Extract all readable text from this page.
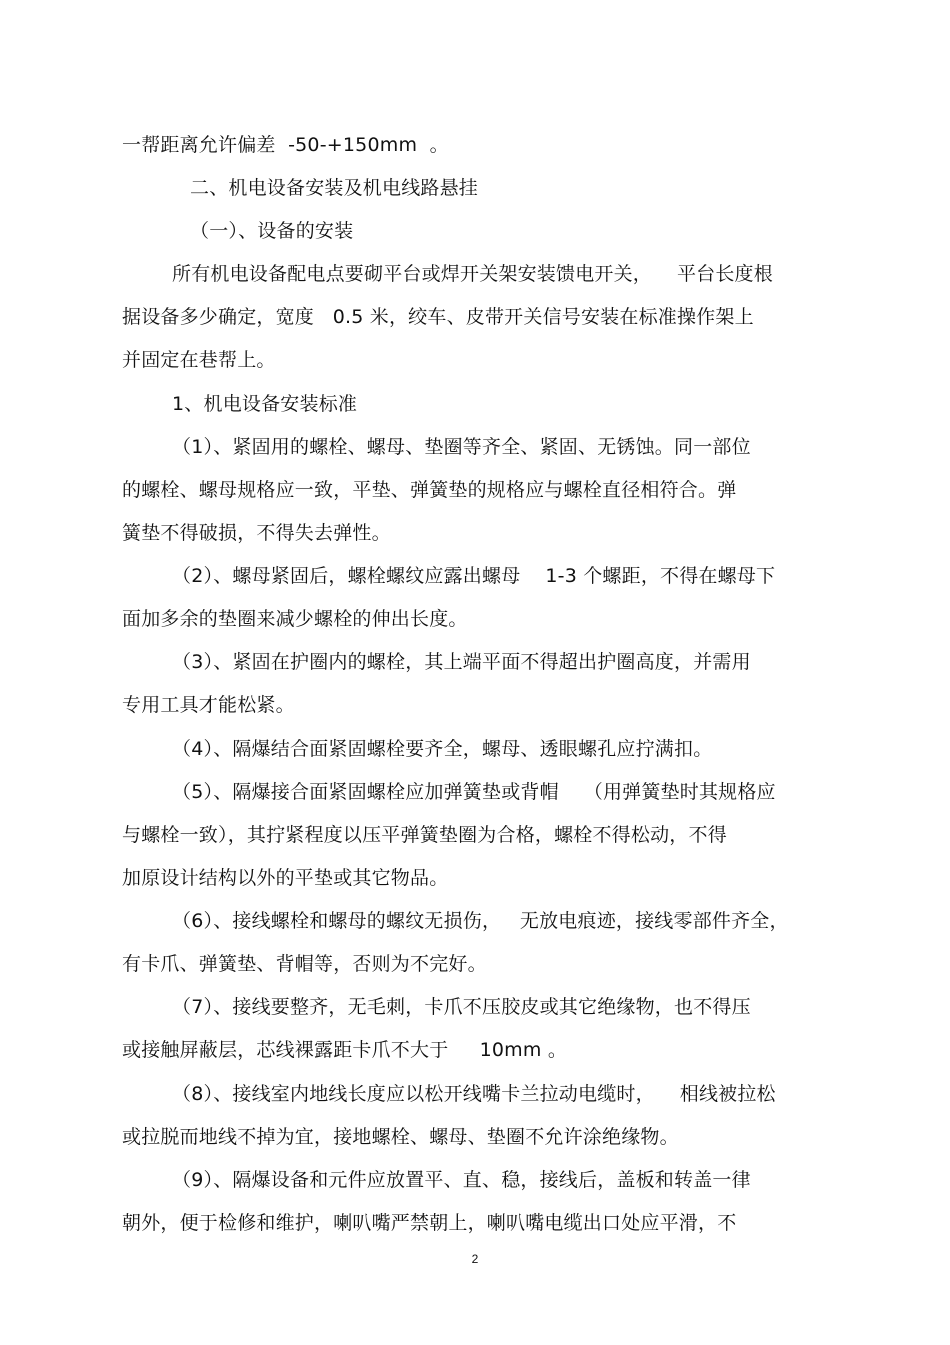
一帮距离允许偏差  -50-+150mm  。
二、机电设备安装及机电线路悬挂
（一）、设备的安装
所有机电设备配电点要砌平台或焊开关架安装馈电开关，    平台长度根
据设备多少确定，宽度   0.5 米，绞车、皮带开关信号安装在标准操作架上
并固定在巷帮上。
1、机电设备安装标准
（1）、紧固用的螺栓、螺母、垫圈等齐全、紧固、无锈蚀。同一部位
的螺栓、螺母规格应一致，平垫、弹簧垫的规格应与螺栓直径相符合。弹
簧垫不得破损，不得失去弹性。
（2）、螺母紧固后，螺栓螺纹应露出螺母    1-3 个螺距，不得在螺母下
面加多余的垫圈来减少螺栓的伸出长度。
（3）、紧固在护圈内的螺栓，其上端平面不得超出护圈高度，并需用
专用工具才能松紧。
（4）、隔爆结合面紧固螺栓要齐全，螺母、透眼螺孔应拧满扣。
（5）、隔爆接合面紧固螺栓应加弹簧垫或背帽    （用弹簧垫时其规格应
与螺栓一致），其拧紧程度以压平弹簧垫圈为合格，螺栓不得松动，不得
加原设计结构以外的平垫或其它物品。
（6）、接线螺栓和螺母的螺纹无损伤，   无放电痕迹，接线零部件齐全，
有卡爪、弹簧垫、背帽等，否则为不完好。
（7）、接线要整齐，无毛刺，卡爪不压胶皮或其它绝缘物，也不得压
或接触屏蔽层，芯线裸露距卡爪不大于     10mm 。
（8）、接线室内地线长度应以松开线嘴卡兰拉动电缆时，    相线被拉松
或拉脱而地线不掉为宜，接地螺栓、螺母、垫圈不允许涂绝缘物。
（9）、隔爆设备和元件应放置平、直、稳，接线后，盖板和转盖一律
朝外，便于检修和维护，喇叭嘴严禁朝上，喇叭嘴电缆出口处应平滑，不
2
